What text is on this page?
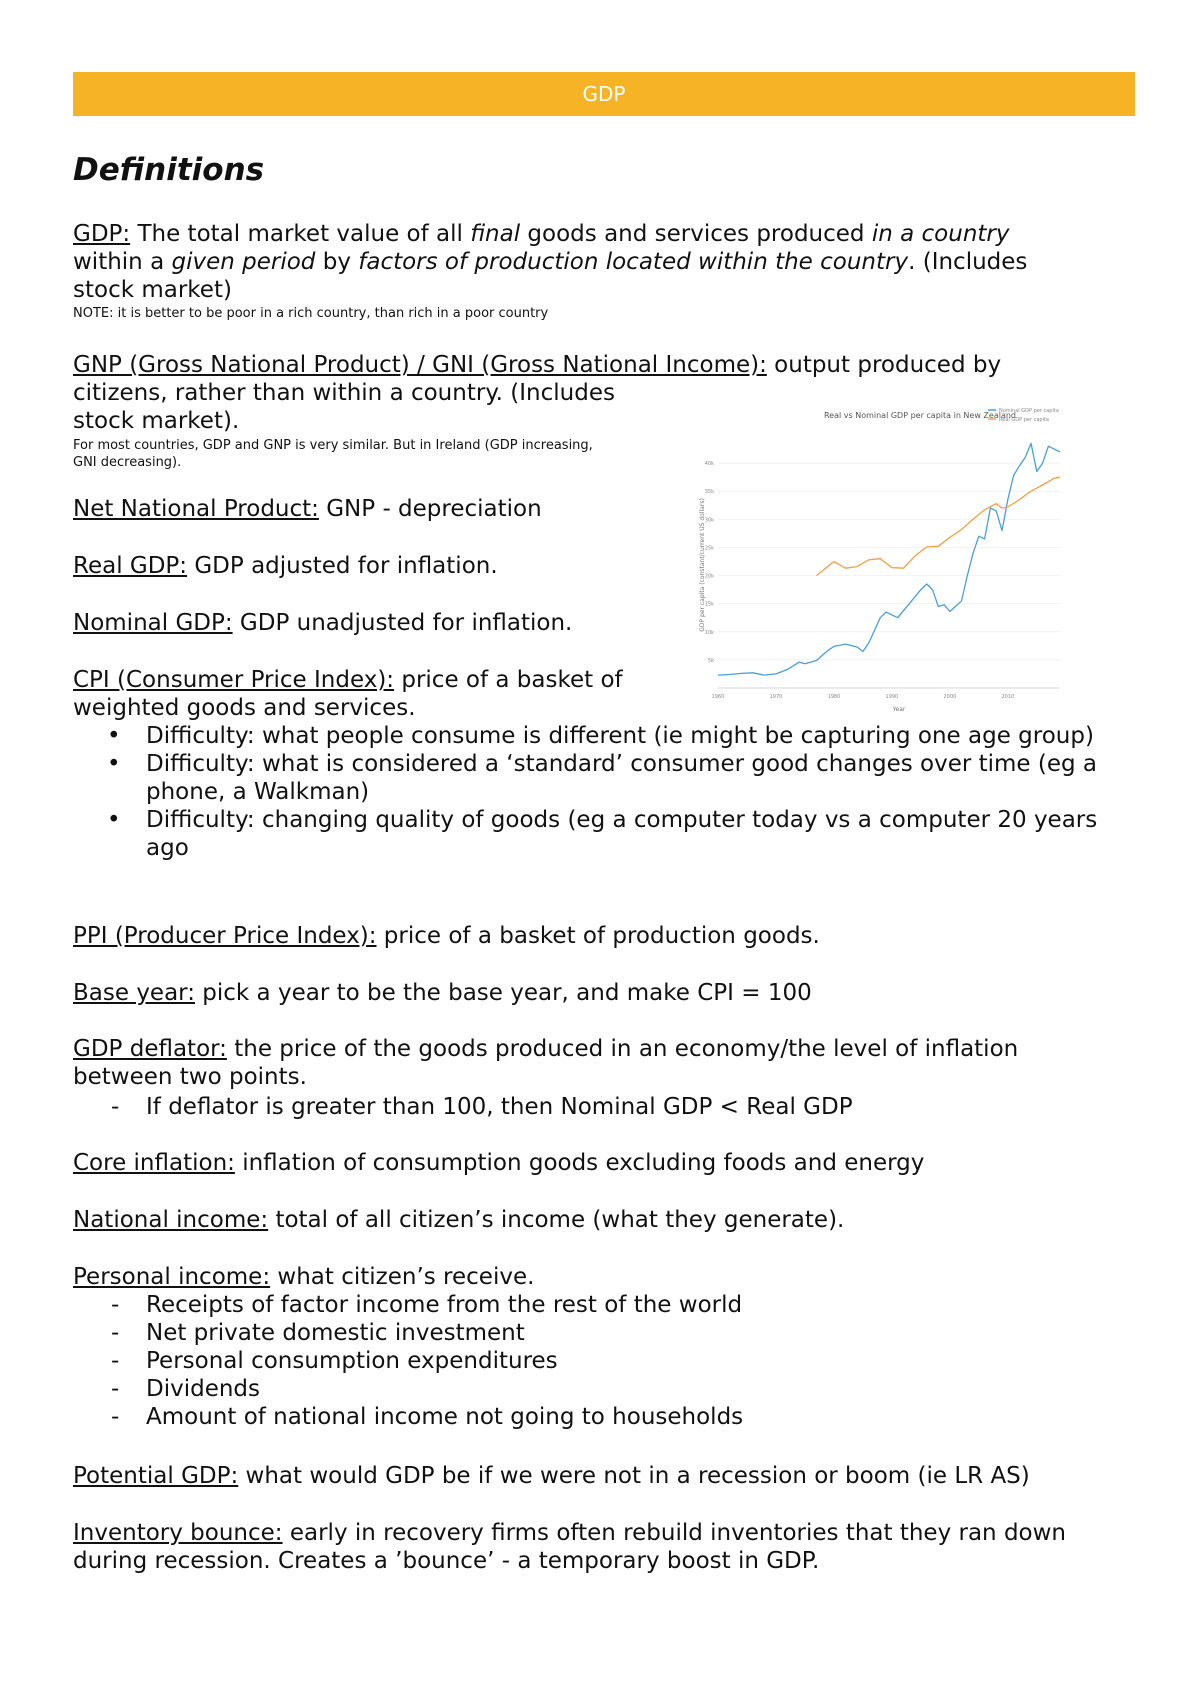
GDP
Definitions
GDP: The total market value of all final goods and services produced in a country
within a given period by factors of production located within the country. (Includes
stock market)
NOTE: it is better to be poor in a rich country, than rich in a poor country
GNP (Gross National Product) / GNI (Gross National Income): output produced by
citizens, rather than within a country. (Includes
stock market).
For most countries, GDP and GNP is very similar. But in Ireland (GDP increasing,
GNI decreasing).
Net National Product: GNP - depreciation
Real GDP: GDP adjusted for inflation.
Nominal GDP: GDP unadjusted for inflation.
CPI (Consumer Price Index): price of a basket of
weighted goods and services.
• Difficulty: what people consume is different (ie might be capturing one age group)
• Difficulty: what is considered a ‘standard’ consumer good changes over time (eg a phone, a Walkman)
• Difficulty: changing quality of goods (eg a computer today vs a computer 20 years ago
PPI (Producer Price Index): price of a basket of production goods.
Base year: pick a year to be the base year, and make CPI = 100
GDP deflator: the price of the goods produced in an economy/the level of inflation
between two points.
- If deflator is greater than 100, then Nominal GDP < Real GDP
Core inflation: inflation of consumption goods excluding foods and energy
National income: total of all citizen’s income (what they generate).
Personal income: what citizen’s receive.
- Receipts of factor income from the rest of the world
- Net private domestic investment
- Personal consumption expenditures
- Dividends
- Amount of national income not going to households
Potential GDP: what would GDP be if we were not in a recession or boom (ie LR AS)
Inventory bounce: early in recovery firms often rebuild inventories that they ran down
during recession. Creates a ’bounce’ - a temporary boost in GDP.
Real vs Nominal GDP per capita in New Zealand
GDP per capita (constant/current US dollars)
Year
5k
10k
15k
20k
25k
30k
35k
40k
1960	1970	1980	1990	2000	2010
Nominal GDP per capita
Real GDP per capita
